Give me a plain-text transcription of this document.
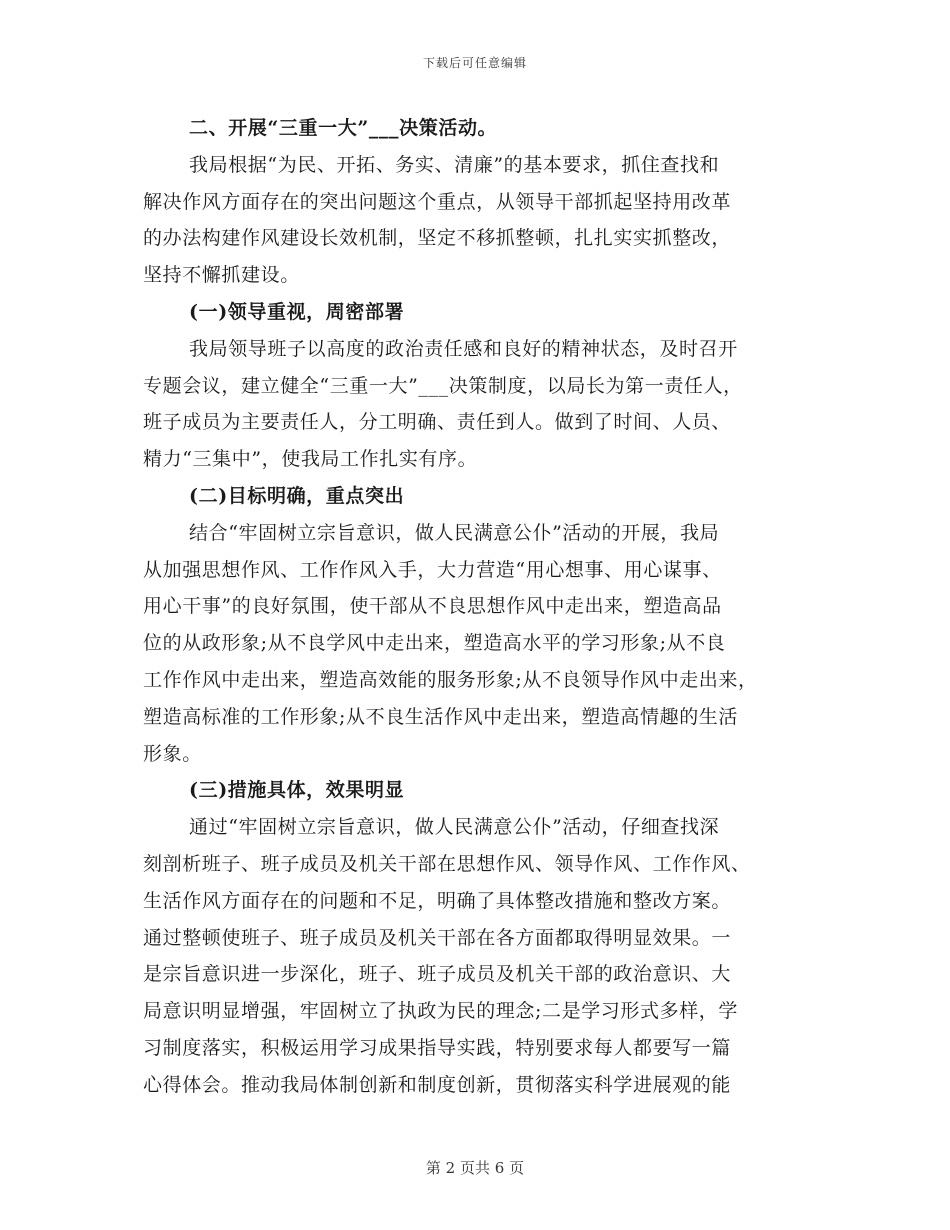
下载后可任意编辑
二、开展“三重一大”___决策活动。
我局根据“为民、开拓、务实、清廉”的基本要求，抓住查找和
解决作风方面存在的突出问题这个重点，从领导干部抓起坚持用改革
的办法构建作风建设长效机制，坚定不移抓整顿，扎扎实实抓整改，
坚持不懈抓建设。
(一)领导重视，周密部署
我局领导班子以高度的政治责任感和良好的精神状态，及时召开
专题会议，建立健全“三重一大”___决策制度，以局长为第一责任人，
班子成员为主要责任人，分工明确、责任到人。做到了时间、人员、
精力“三集中”，使我局工作扎实有序。
(二)目标明确，重点突出
结合“牢固树立宗旨意识，做人民满意公仆”活动的开展，我局
从加强思想作风、工作作风入手，大力营造“用心想事、用心谋事、
用心干事”的良好氛围，使干部从不良思想作风中走出来，塑造高品
位的从政形象;从不良学风中走出来，塑造高水平的学习形象;从不良
工作作风中走出来，塑造高效能的服务形象;从不良领导作风中走出来，
塑造高标准的工作形象;从不良生活作风中走出来，塑造高情趣的生活
形象。
(三)措施具体，效果明显
通过“牢固树立宗旨意识，做人民满意公仆”活动，仔细查找深
刻剖析班子、班子成员及机关干部在思想作风、领导作风、工作作风、
生活作风方面存在的问题和不足，明确了具体整改措施和整改方案。
通过整顿使班子、班子成员及机关干部在各方面都取得明显效果。一
是宗旨意识进一步深化，班子、班子成员及机关干部的政治意识、大
局意识明显增强，牢固树立了执政为民的理念;二是学习形式多样，学
习制度落实，积极运用学习成果指导实践，特别要求每人都要写一篇
心得体会。推动我局体制创新和制度创新，贯彻落实科学进展观的能
第 2 页共 6 页
